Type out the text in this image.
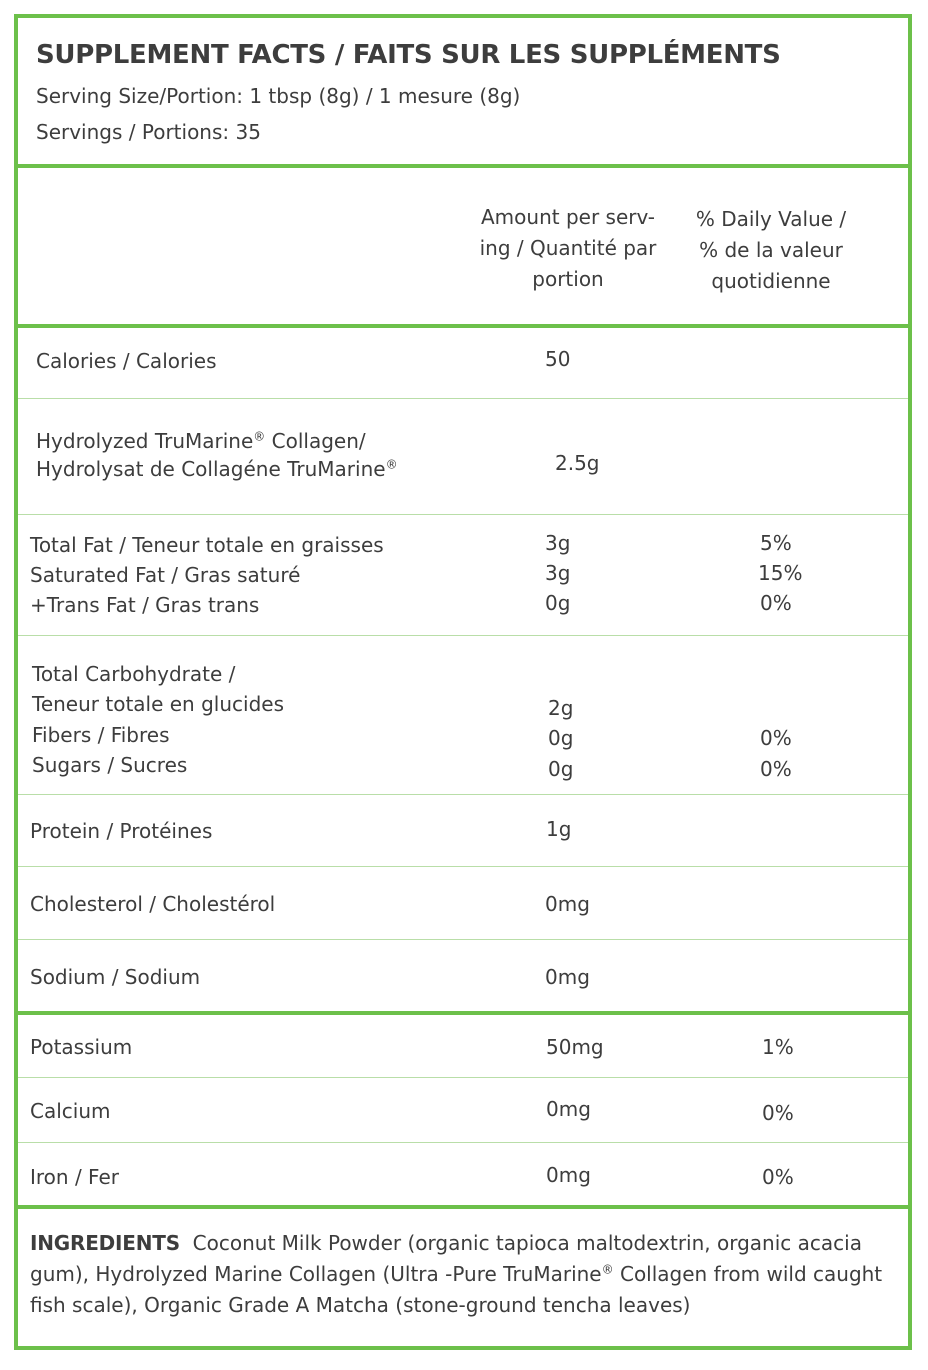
SUPPLEMENT FACTS / FAITS SUR LES SUPPLÉMENTS
Serving Size/Portion: 1 tbsp (8g) / 1 mesure (8g)
Servings / Portions: 35
Amount per serv-
ing / Quantité par
portion
% Daily Value /
% de la valeur
quotidienne
Calories / Calories	50
Hydrolyzed TruMarine® Collagen/
Hydrolysat de Collagéne TruMarine®	2.5g
Total Fat / Teneur totale en graisses	3g	5%
Saturated Fat / Gras saturé	3g	15%
+Trans Fat / Gras trans	0g	0%
Total Carbohydrate /
Teneur totale en glucides	2g
Fibers / Fibres	0g	0%
Sugars / Sucres	0g	0%
Protein / Protéines	1g
Cholesterol / Cholestérol	0mg
Sodium / Sodium	0mg
Potassium	50mg	1%
Calcium	0mg	0%
Iron / Fer	0mg	0%
INGREDIENTS Coconut Milk Powder (organic tapioca maltodextrin, organic acacia gum), Hydrolyzed Marine Collagen (Ultra -Pure TruMarine® Collagen from wild caught fish scale), Organic Grade A Matcha (stone-ground tencha leaves)
